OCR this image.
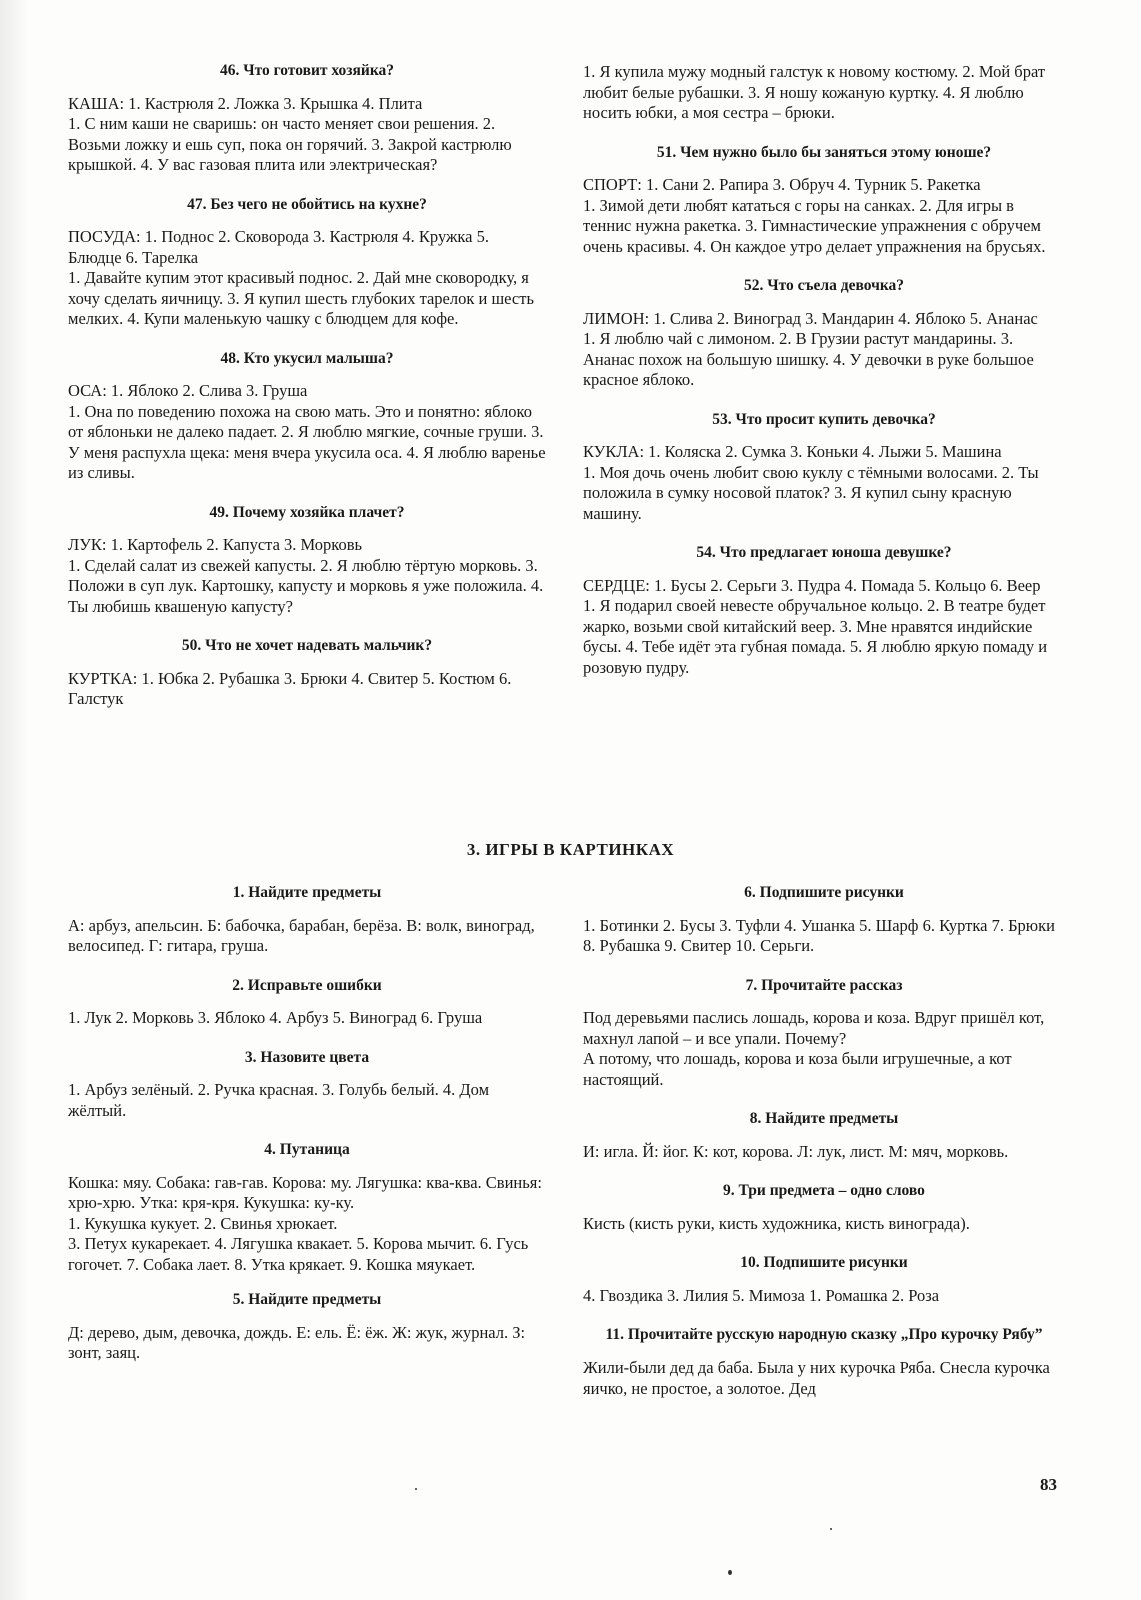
46. Что готовит хозяйка?

КАША: 1. Кастрюля 2. Ложка 3. Крышка 4. Плита

1. С ним каши не сваришь: он часто меняет свои решения. 2. Возьми ложку и ешь суп, пока он горячий. 3. Закрой кастрюлю крышкой. 4. У вас газовая плита или электрическая?

47. Без чего не обойтись на кухне?

ПОСУДА: 1. Поднос 2. Сковорода 3. Кастрюля 4. Кружка 5. Блюдце 6. Тарелка

1. Давайте купим этот красивый поднос. 2. Дай мне сковородку, я хочу сделать яичницу. 3. Я купил шесть глубоких тарелок и шесть мелких. 4. Купи маленькую чашку с блюдцем для кофе.

48. Кто укусил малыша?

ОСА: 1. Яблоко 2. Слива 3. Груша

1. Она по поведению похожа на свою мать. Это и понятно: яблоко от яблоньки не далеко падает. 2. Я люблю мягкие, сочные груши. 3. У меня распухла щека: меня вчера укусила оса. 4. Я люблю варенье из сливы.

49. Почему хозяйка плачет?

ЛУК: 1. Картофель 2. Капуста 3. Морковь

1. Сделай салат из свежей капусты. 2. Я люблю тёртую морковь. 3. Положи в суп лук. Картошку, капусту и морковь я уже положила. 4. Ты любишь квашеную капусту?

50. Что не хочет надевать мальчик?

КУРТКА: 1. Юбка 2. Рубашка 3. Брюки 4. Свитер 5. Костюм 6. Галстук

1. Я купила мужу модный галстук к новому костюму. 2. Мой брат любит белые рубашки. 3. Я ношу кожаную куртку. 4. Я люблю носить юбки, а моя сестра – брюки.

51. Чем нужно было бы заняться этому юноше?

СПОРТ: 1. Сани 2. Рапира 3. Обруч 4. Турник 5. Ракетка

1. Зимой дети любят кататься с горы на санках. 2. Для игры в теннис нужна ракетка. 3. Гимнастические упражнения с обручем очень красивы. 4. Он каждое утро делает упражнения на брусьях.

52. Что съела девочка?

ЛИМОН: 1. Слива 2. Виноград 3. Мандарин 4. Яблоко 5. Ананас

1. Я люблю чай с лимоном. 2. В Грузии растут мандарины. 3. Ананас похож на большую шишку. 4. У девочки в руке большое красное яблоко.

53. Что просит купить девочка?

КУКЛА: 1. Коляска 2. Сумка 3. Коньки 4. Лыжи 5. Машина

1. Моя дочь очень любит свою куклу с тёмными волосами. 2. Ты положила в сумку носовой платок? 3. Я купил сыну красную машину.

54. Что предлагает юноша девушке?

СЕРДЦЕ: 1. Бусы 2. Серьги 3. Пудра 4. Помада 5. Кольцо 6. Веер

1. Я подарил своей невесте обручальное кольцо. 2. В театре будет жарко, возьми свой китайский веер. 3. Мне нравятся индийские бусы. 4. Тебе идёт эта губная помада. 5. Я люблю яркую помаду и розовую пудру.

3. ИГРЫ В КАРТИНКАХ
1. Найдите предметы

А: арбуз, апельсин. Б: бабочка, барабан, берёза. В: волк, виноград, велосипед. Г: гитара, груша.

2. Исправьте ошибки

1. Лук 2. Морковь 3. Яблоко 4. Арбуз 5. Виноград 6. Груша

3. Назовите цвета

1. Арбуз зелёный. 2. Ручка красная. 3. Голубь белый. 4. Дом жёлтый.

4. Путаница

Кошка: мяу. Собака: гав-гав. Корова: му. Лягушка: ква-ква. Свинья: хрю-хрю. Утка: кря-кря. Кукушка: ку-ку.

1. Кукушка кукует. 2. Свинья хрюкает.

3. Петух кукарекает. 4. Лягушка квакает. 5. Корова мычит. 6. Гусь гогочет. 7. Собака лает. 8. Утка крякает. 9. Кошка мяукает.

5. Найдите предметы

Д: дерево, дым, девочка, дождь. Е: ель. Ё: ёж. Ж: жук, журнал. З: зонт, заяц.

6. Подпишите рисунки

1. Ботинки 2. Бусы 3. Туфли 4. Ушанка 5. Шарф 6. Куртка 7. Брюки 8. Рубашка 9. Свитер 10. Серьги.

7. Прочитайте рассказ

Под деревьями паслись лошадь, корова и коза. Вдруг пришёл кот, махнул лапой – и все упали. Почему?

А потому, что лошадь, корова и коза были игрушечные, а кот настоящий.

8. Найдите предметы

И: игла. Й: йог. К: кот, корова. Л: лук, лист. М: мяч, морковь.

9. Три предмета – одно слово

Кисть (кисть руки, кисть художника, кисть винограда).

10. Подпишите рисунки

4. Гвоздика 3. Лилия 5. Мимоза 1. Ромашка 2. Роза

11. Прочитайте русскую народную сказку „Про курочку Рябу”

Жили-были дед да баба. Была у них курочка Ряба. Снесла курочка яичко, не простое, а золотое. Дед

83
